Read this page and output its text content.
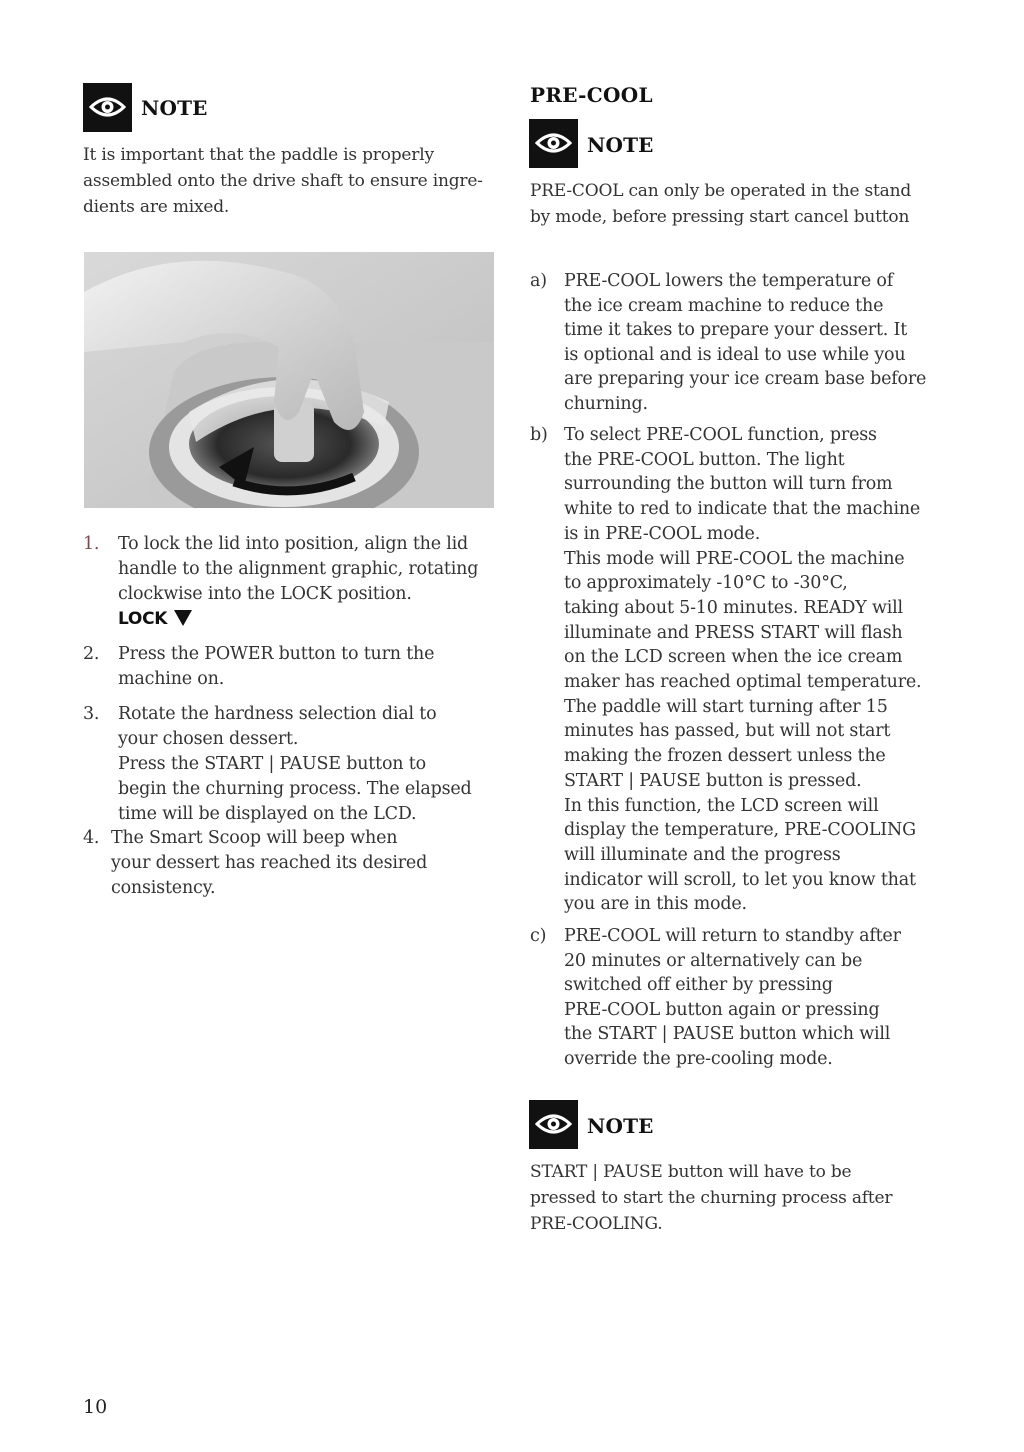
NOTE
It is important that the paddle is properly assembled onto the drive shaft to ensure ingre-dients are mixed.
1. To lock the lid into position, align the lid
handle to the alignment graphic, rotating
clockwise into the LOCK position.
LOCK
2. Press the POWER button to turn the
machine on.
3. Rotate the hardness selection dial to
your chosen dessert.
Press the START | PAUSE button to
begin the churning process. The elapsed
time will be displayed on the LCD.
4. The Smart Scoop will beep when
your dessert has reached its desired
consistency.
PRE-COOL
NOTE
PRE-COOL can only be operated in the stand
by mode, before pressing start cancel button
a) PRE-COOL lowers the temperature of
the ice cream machine to reduce the
time it takes to prepare your dessert. It
is optional and is ideal to use while you
are preparing your ice cream base before
churning.
b) To select PRE-COOL function, press
the PRE-COOL button. The light
surrounding the button will turn from
white to red to indicate that the machine
is in PRE-COOL mode.
This mode will PRE-COOL the machine
to approximately -10°C to -30°C,
taking about 5-10 minutes. READY will
illuminate and PRESS START will flash
on the LCD screen when the ice cream
maker has reached optimal temperature.
The paddle will start turning after 15
minutes has passed, but will not start
making the frozen dessert unless the
START | PAUSE button is pressed.
In this function, the LCD screen will
display the temperature, PRE-COOLING
will illuminate and the progress
indicator will scroll, to let you know that
you are in this mode.
c) PRE-COOL will return to standby after
20 minutes or alternatively can be
switched off either by pressing
PRE-COOL button again or pressing
the START | PAUSE button which will
override the pre-cooling mode.
NOTE
START | PAUSE button will have to be
pressed to start the churning process after
PRE-COOLING.
10
